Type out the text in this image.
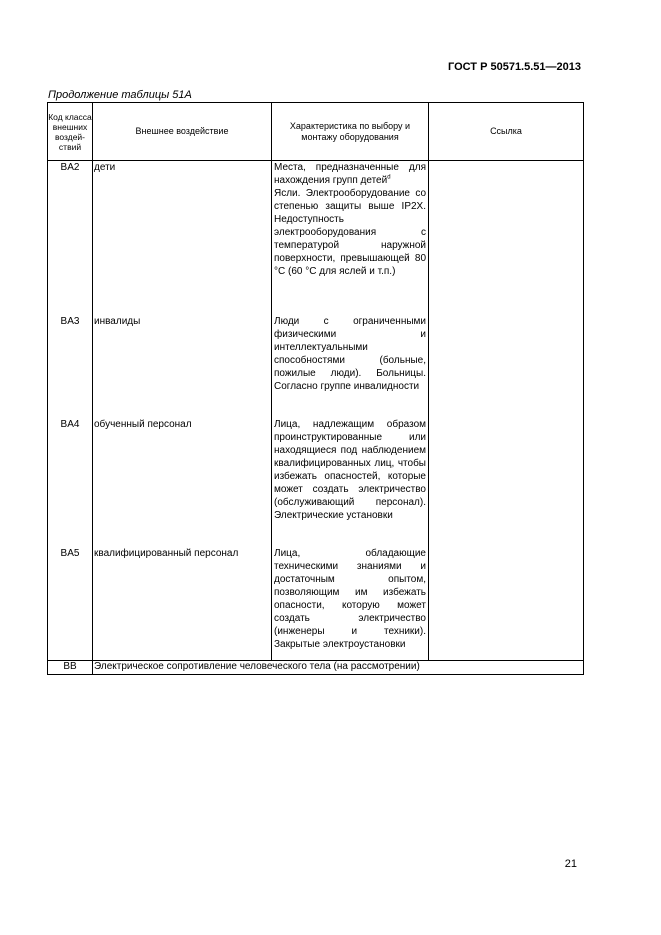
ГОСТ Р 50571.5.51—2013
Продолжение таблицы 51А
Код класса внешних воздей-ствий	Внешнее воздействие	Характеристика по выбору и монтажу оборудования	Ссылка
BA2	дети	Места, предназначенные для нахождения групп детей$^d$
Ясли. Электрооборудование со степенью защиты выше IP2X. Недоступность электрооборудования с температурой наружной поверхности, превышающей 80 °С (60 °С для яслей и т.п.)	
BA3	инвалиды	Люди с ограниченными физическими и интеллектуальными способностями (больные, пожилые люди). Больницы. Согласно группе инвалидности	
BA4	обученный персонал	Лица, надлежащим образом проинструктированные или находящиеся под наблюдением квалифицированных лиц, чтобы избежать опасностей, которые может создать электричество (обслуживающий персонал). Электрические установки	
BA5	квалифицированный персонал	Лица, обладающие техническими знаниями и достаточным опытом, позволяющим им избежать опасности, которую может создать электричество (инженеры и техники). Закрытые электроустановки	
BB	Электрическое сопротивление человеческого тела (на рассмотрении)		
21
